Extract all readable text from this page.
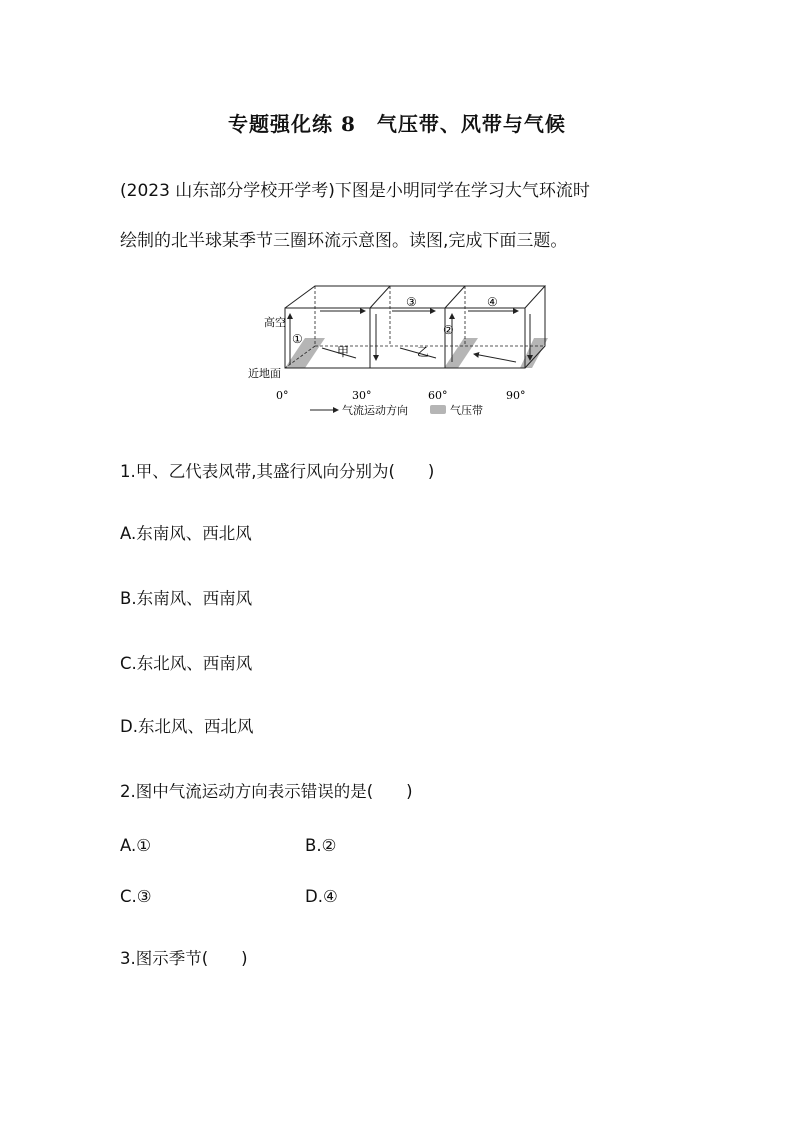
专题强化练 8　气压带、风带与气候
(2023 山东部分学校开学考)下图是小明同学在学习大气环流时
绘制的北半球某季节三圈环流示意图。读图,完成下面三题。
高空
近地面
0°	30°	60°	90°
①
②
③	④
甲	乙
气流运动方向	气压带
1.甲、乙代表风带,其盛行风向分别为(　　)
A.东南风、西北风
B.东南风、西南风
C.东北风、西南风
D.东北风、西北风
2.图中气流运动方向表示错误的是(　　)
A.①	B.②
C.③	D.④
3.图示季节(　　)
